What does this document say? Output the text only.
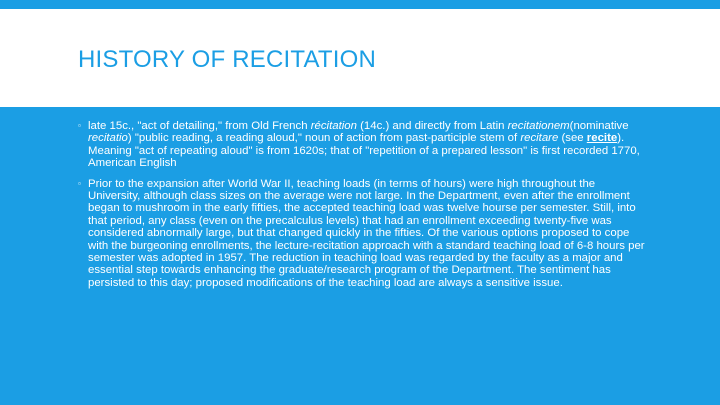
HISTORY OF RECITATION
▫ late 15c., "act of detailing," from Old French récitation (14c.) and directly from Latin recitationem(nominative recitatio) "public reading, a reading aloud," noun of action from past-participle stem of recitare (see recite). Meaning "act of repeating aloud" is from 1620s; that of "repetition of a prepared lesson" is first recorded 1770, American English
▫ Prior to the expansion after World War II, teaching loads (in terms of hours) were high throughout the University, although class sizes on the average were not large. In the Department, even after the enrollment began to mushroom in the early fifties, the accepted teaching load was twelve hourse per semester. Still, into that period, any class (even on the precalculus levels) that had an enrollment exceeding twenty-five was considered abnormally large, but that changed quickly in the fifties. Of the various options proposed to cope with the burgeoning enrollments, the lecture-recitation approach with a standard teaching load of 6-8 hours per semester was adopted in 1957. The reduction in teaching load was regarded by the faculty as a major and essential step towards enhancing the graduate/research program of the Department. The sentiment has persisted to this day; proposed modifications of the teaching load are always a sensitive issue.
